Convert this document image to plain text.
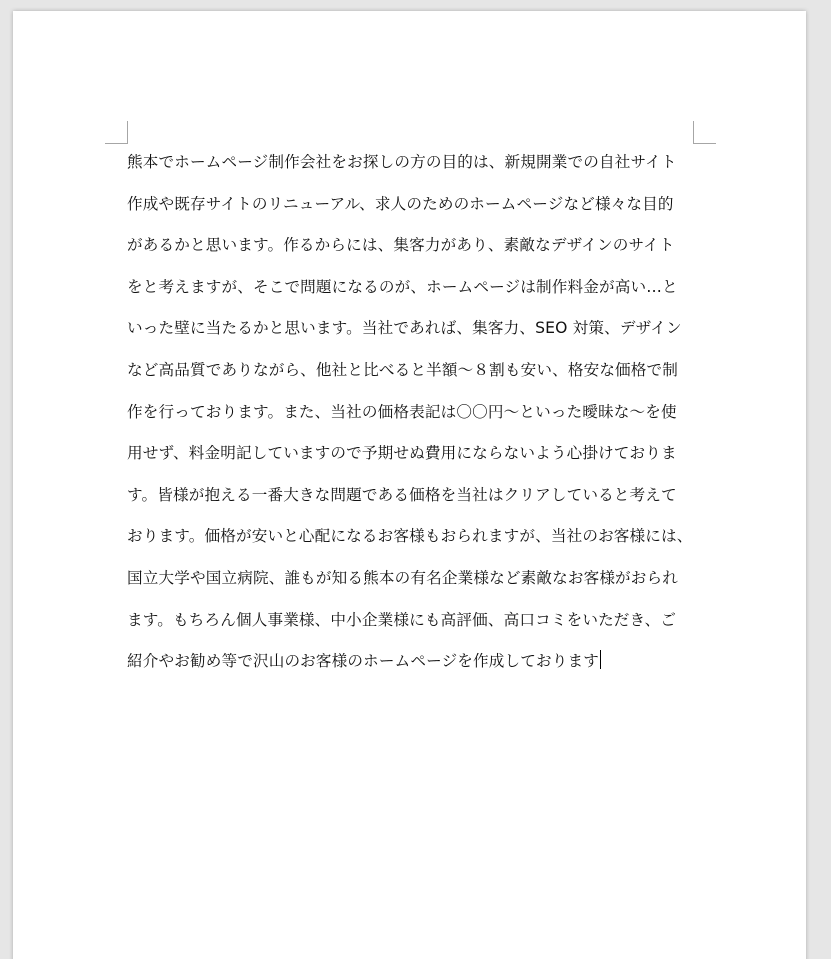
熊本でホームページ制作会社をお探しの方の目的は、新規開業での自社サイト
作成や既存サイトのリニューアル、求人のためのホームページなど様々な目的
があるかと思います。作るからには、集客力があり、素敵なデザインのサイト
をと考えますが、そこで問題になるのが、ホームページは制作料金が高い…と
いった壁に当たるかと思います。当社であれば、集客力、SEO 対策、デザイン
など高品質でありながら、他社と比べると半額～８割も安い、格安な価格で制
作を行っております。また、当社の価格表記は〇〇円～といった曖昧な～を使
用せず、料金明記していますので予期せぬ費用にならないよう心掛けておりま
す。皆様が抱える一番大きな問題である価格を当社はクリアしていると考えて
おります。価格が安いと心配になるお客様もおられますが、当社のお客様には、
国立大学や国立病院、誰もが知る熊本の有名企業様など素敵なお客様がおられ
ます。もちろん個人事業様、中小企業様にも高評価、高口コミをいただき、ご
紹介やお勧め等で沢山のお客様のホームページを作成しております
